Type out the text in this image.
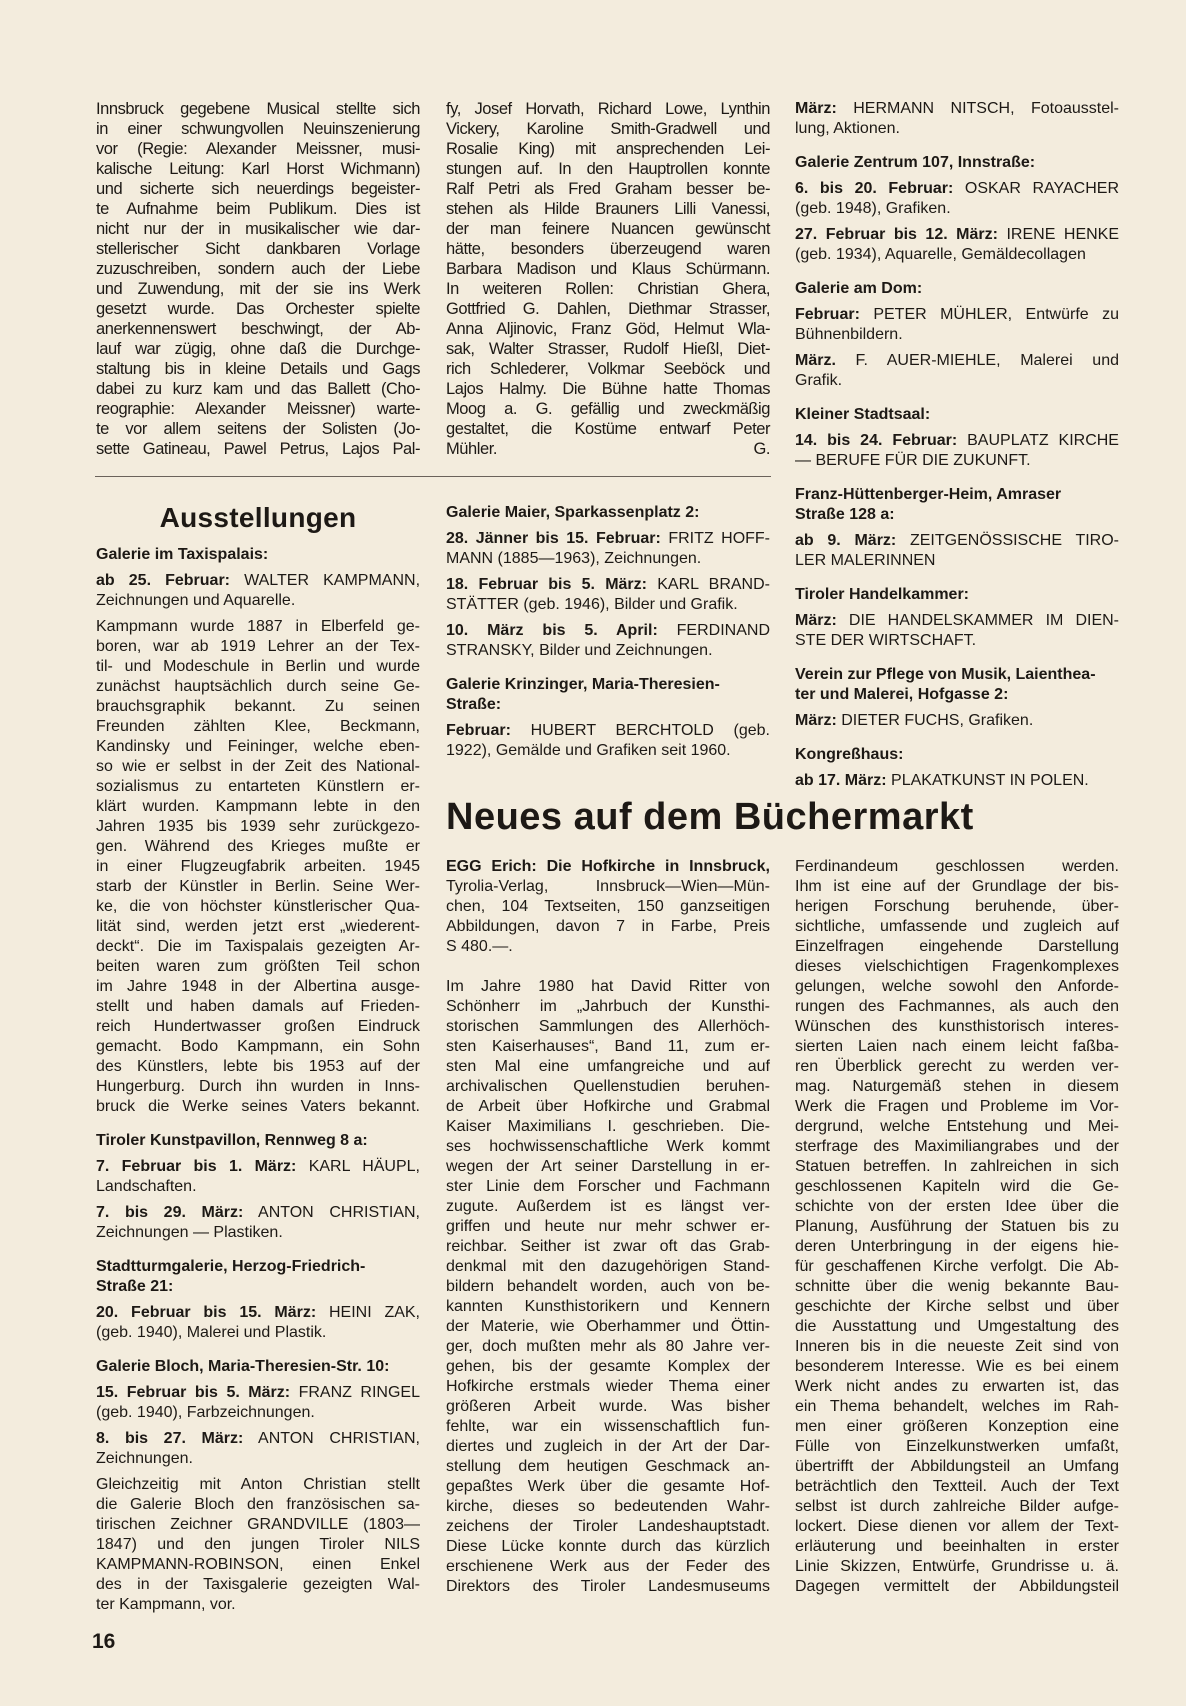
Innsbruck gegebene Musical stellte sich
in einer schwungvollen Neuinszenierung
vor (Regie: Alexander Meissner, musi-
kalische Leitung: Karl Horst Wichmann)
und sicherte sich neuerdings begeister-
te Aufnahme beim Publikum. Dies ist
nicht nur der in musikalischer wie dar-
stellerischer Sicht dankbaren Vorlage
zuzuschreiben, sondern auch der Liebe
und Zuwendung, mit der sie ins Werk
gesetzt wurde. Das Orchester spielte
anerkennenswert beschwingt, der Ab-
lauf war zügig, ohne daß die Durchge-
staltung bis in kleine Details und Gags
dabei zu kurz kam und das Ballett (Cho-
reographie: Alexander Meissner) warte-
te vor allem seitens der Solisten (Jo-
sette Gatineau, Pawel Petrus, Lajos Pal-
fy, Josef Horvath, Richard Lowe, Lynthin
Vickery, Karoline Smith-Gradwell und
Rosalie King) mit ansprechenden Lei-
stungen auf. In den Hauptrollen konnte
Ralf Petri als Fred Graham besser be-
stehen als Hilde Brauners Lilli Vanessi,
der man feinere Nuancen gewünscht
hätte, besonders überzeugend waren
Barbara Madison und Klaus Schürmann.
In weiteren Rollen: Christian Ghera,
Gottfried G. Dahlen, Diethmar Strasser,
Anna Aljinovic, Franz Göd, Helmut Wla-
sak, Walter Strasser, Rudolf Hießl, Diet-
rich Schlederer, Volkmar Seeböck und
Lajos Halmy. Die Bühne hatte Thomas
Moog a. G. gefällig und zweckmäßig
gestaltet, die Kostüme entwarf Peter
Mühler. G.
März: HERMANN NITSCH, Fotoausstel-
lung, Aktionen.
Galerie Zentrum 107, Innstraße:
6. bis 20. Februar: OSKAR RAYACHER
(geb. 1948), Grafiken.
27. Februar bis 12. März: IRENE HENKE
(geb. 1934), Aquarelle, Gemäldecollagen
Galerie am Dom:
Februar: PETER MÜHLER, Entwürfe zu
Bühnenbildern.
März. F. AUER-MIEHLE, Malerei und
Grafik.
Kleiner Stadtsaal:
14. bis 24. Februar: BAUPLATZ KIRCHE
— BERUFE FÜR DIE ZUKUNFT.
Franz-Hüttenberger-Heim, Amraser
Straße 128 a:
ab 9. März: ZEITGENÖSSISCHE TIRO-
LER MALERINNEN
Tiroler Handelkammer:
März: DIE HANDELSKAMMER IM DIEN-
STE DER WIRTSCHAFT.
Verein zur Pflege von Musik, Laienthea-
ter und Malerei, Hofgasse 2:
März: DIETER FUCHS, Grafiken.
Kongreßhaus:
ab 17. März: PLAKATKUNST IN POLEN.
Ausstellungen
Galerie im Taxispalais:
ab 25. Februar: WALTER KAMPMANN,
Zeichnungen und Aquarelle.
Kampmann wurde 1887 in Elberfeld ge-
boren, war ab 1919 Lehrer an der Tex-
til- und Modeschule in Berlin und wurde
zunächst hauptsächlich durch seine Ge-
brauchsgraphik bekannt. Zu seinen
Freunden zählten Klee, Beckmann,
Kandinsky und Feininger, welche eben-
so wie er selbst in der Zeit des National-
sozialismus zu entarteten Künstlern er-
klärt wurden. Kampmann lebte in den
Jahren 1935 bis 1939 sehr zurückgezo-
gen. Während des Krieges mußte er
in einer Flugzeugfabrik arbeiten. 1945
starb der Künstler in Berlin. Seine Wer-
ke, die von höchster künstlerischer Qua-
lität sind, werden jetzt erst „wiederent-
deckt“. Die im Taxispalais gezeigten Ar-
beiten waren zum größten Teil schon
im Jahre 1948 in der Albertina ausge-
stellt und haben damals auf Frieden-
reich Hundertwasser großen Eindruck
gemacht. Bodo Kampmann, ein Sohn
des Künstlers, lebte bis 1953 auf der
Hungerburg. Durch ihn wurden in Inns-
bruck die Werke seines Vaters bekannt.
Tiroler Kunstpavillon, Rennweg 8 a:
7. Februar bis 1. März: KARL HÄUPL,
Landschaften.
7. bis 29. März: ANTON CHRISTIAN,
Zeichnungen — Plastiken.
Stadtturmgalerie, Herzog-Friedrich-
Straße 21:
20. Februar bis 15. März: HEINI ZAK,
(geb. 1940), Malerei und Plastik.
Galerie Bloch, Maria-Theresien-Str. 10:
15. Februar bis 5. März: FRANZ RINGEL
(geb. 1940), Farbzeichnungen.
8. bis 27. März: ANTON CHRISTIAN,
Zeichnungen.
Gleichzeitig mit Anton Christian stellt
die Galerie Bloch den französischen sa-
tirischen Zeichner GRANDVILLE (1803—
1847) und den jungen Tiroler NILS
KAMPMANN-ROBINSON, einen Enkel
des in der Taxisgalerie gezeigten Wal-
ter Kampmann, vor.
Galerie Maier, Sparkassenplatz 2:
28. Jänner bis 15. Februar: FRITZ HOFF-
MANN (1885—1963), Zeichnungen.
18. Februar bis 5. März: KARL BRAND-
STÄTTER (geb. 1946), Bilder und Grafik.
10. März bis 5. April: FERDINAND
STRANSKY, Bilder und Zeichnungen.
Galerie Krinzinger, Maria-Theresien-
Straße:
Februar: HUBERT BERCHTOLD (geb.
1922), Gemälde und Grafiken seit 1960.
Neues auf dem Büchermarkt
EGG Erich: Die Hofkirche in Innsbruck,
Tyrolia-Verlag, Innsbruck—Wien—Mün-
chen, 104 Textseiten, 150 ganzseitigen
Abbildungen, davon 7 in Farbe, Preis
S 480.—.
Im Jahre 1980 hat David Ritter von
Schönherr im „Jahrbuch der Kunsthi-
storischen Sammlungen des Allerhöch-
sten Kaiserhauses“, Band 11, zum er-
sten Mal eine umfangreiche und auf
archivalischen Quellenstudien beruhen-
de Arbeit über Hofkirche und Grabmal
Kaiser Maximilians I. geschrieben. Die-
ses hochwissenschaftliche Werk kommt
wegen der Art seiner Darstellung in er-
ster Linie dem Forscher und Fachmann
zugute. Außerdem ist es längst ver-
griffen und heute nur mehr schwer er-
reichbar. Seither ist zwar oft das Grab-
denkmal mit den dazugehörigen Stand-
bildern behandelt worden, auch von be-
kannten Kunsthistorikern und Kennern
der Materie, wie Oberhammer und Öttin-
ger, doch mußten mehr als 80 Jahre ver-
gehen, bis der gesamte Komplex der
Hofkirche erstmals wieder Thema einer
größeren Arbeit wurde. Was bisher
fehlte, war ein wissenschaftlich fun-
diertes und zugleich in der Art der Dar-
stellung dem heutigen Geschmack an-
gepaßtes Werk über die gesamte Hof-
kirche, dieses so bedeutenden Wahr-
zeichens der Tiroler Landeshauptstadt.
Diese Lücke konnte durch das kürzlich
erschienene Werk aus der Feder des
Direktors des Tiroler Landesmuseums
Ferdinandeum geschlossen werden.
Ihm ist eine auf der Grundlage der bis-
herigen Forschung beruhende, über-
sichtliche, umfassende und zugleich auf
Einzelfragen eingehende Darstellung
dieses vielschichtigen Fragenkomplexes
gelungen, welche sowohl den Anforde-
rungen des Fachmannes, als auch den
Wünschen des kunsthistorisch interes-
sierten Laien nach einem leicht faßba-
ren Überblick gerecht zu werden ver-
mag. Naturgemäß stehen in diesem
Werk die Fragen und Probleme im Vor-
dergrund, welche Entstehung und Mei-
sterfrage des Maximiliangrabes und der
Statuen betreffen. In zahlreichen in sich
geschlossenen Kapiteln wird die Ge-
schichte von der ersten Idee über die
Planung, Ausführung der Statuen bis zu
deren Unterbringung in der eigens hie-
für geschaffenen Kirche verfolgt. Die Ab-
schnitte über die wenig bekannte Bau-
geschichte der Kirche selbst und über
die Ausstattung und Umgestaltung des
Inneren bis in die neueste Zeit sind von
besonderem Interesse. Wie es bei einem
Werk nicht andes zu erwarten ist, das
ein Thema behandelt, welches im Rah-
men einer größeren Konzeption eine
Fülle von Einzelkunstwerken umfaßt,
übertrifft der Abbildungsteil an Umfang
beträchtlich den Textteil. Auch der Text
selbst ist durch zahlreiche Bilder aufge-
lockert. Diese dienen vor allem der Text-
erläuterung und beeinhalten in erster
Linie Skizzen, Entwürfe, Grundrisse u. ä.
Dagegen vermittelt der Abbildungsteil
16
